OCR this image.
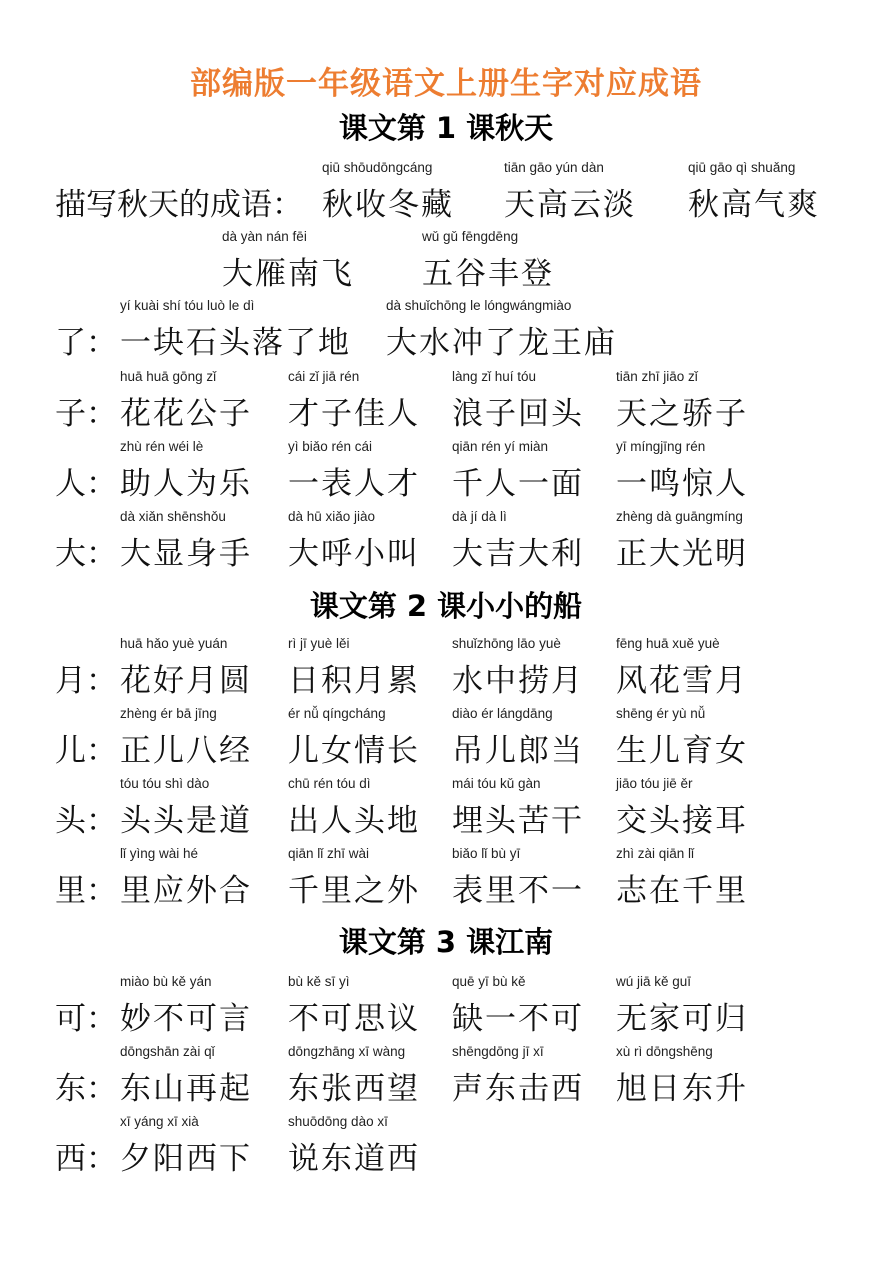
部编版一年级语文上册生字对应成语
课文第 1 课秋天
课文第 2 课小小的船
课文第 3 课江南
描写秋天的成语：
qiū shōudōngcáng
秋收冬藏
tiān gāo yún dàn
天高云淡
qiū gāo qì shuǎng
秋高气爽
dà yàn nán fēi
大雁南飞
wǔ gǔ fēngdēng
五谷丰登
了：
yí kuài shí tóu luò le dì
一块石头落了地
dà shuǐchōng le lóngwángmiào
大水冲了龙王庙
子：
huā huā gōng zǐ
花花公子
cái zǐ jiā rén
才子佳人
làng zǐ huí tóu
浪子回头
tiān zhī jiāo zǐ
天之骄子
人：
zhù rén wéi lè
助人为乐
yì biǎo rén cái
一表人才
qiān rén yí miàn
千人一面
yī míngjīng rén
一鸣惊人
大：
dà xiǎn shēnshǒu
大显身手
dà hū xiǎo jiào
大呼小叫
dà jí dà lì
大吉大利
zhèng dà guāngmíng
正大光明
月：
huā hǎo yuè yuán
花好月圆
rì jī yuè lěi
日积月累
shuǐzhōng lāo yuè
水中捞月
fēng huā xuě yuè
风花雪月
儿：
zhèng ér bā jīng
正儿八经
ér nǚ qíngcháng
儿女情长
diào ér lángdāng
吊儿郎当
shēng ér yù nǚ
生儿育女
头：
tóu tóu shì dào
头头是道
chū rén tóu dì
出人头地
mái tóu kǔ gàn
埋头苦干
jiāo tóu jiē ěr
交头接耳
里：
lǐ yìng wài hé
里应外合
qiān lǐ zhī wài
千里之外
biǎo lǐ bù yī
表里不一
zhì zài qiān lǐ
志在千里
可：
miào bù kě yán
妙不可言
bù kě sī yì
不可思议
quē yī bù kě
缺一不可
wú jiā kě guī
无家可归
东：
dōngshān zài qǐ
东山再起
dōngzhāng xī wàng
东张西望
shēngdōng jī xī
声东击西
xù rì dōngshēng
旭日东升
西：
xī yáng xī xià
夕阳西下
shuōdōng dào xī
说东道西
